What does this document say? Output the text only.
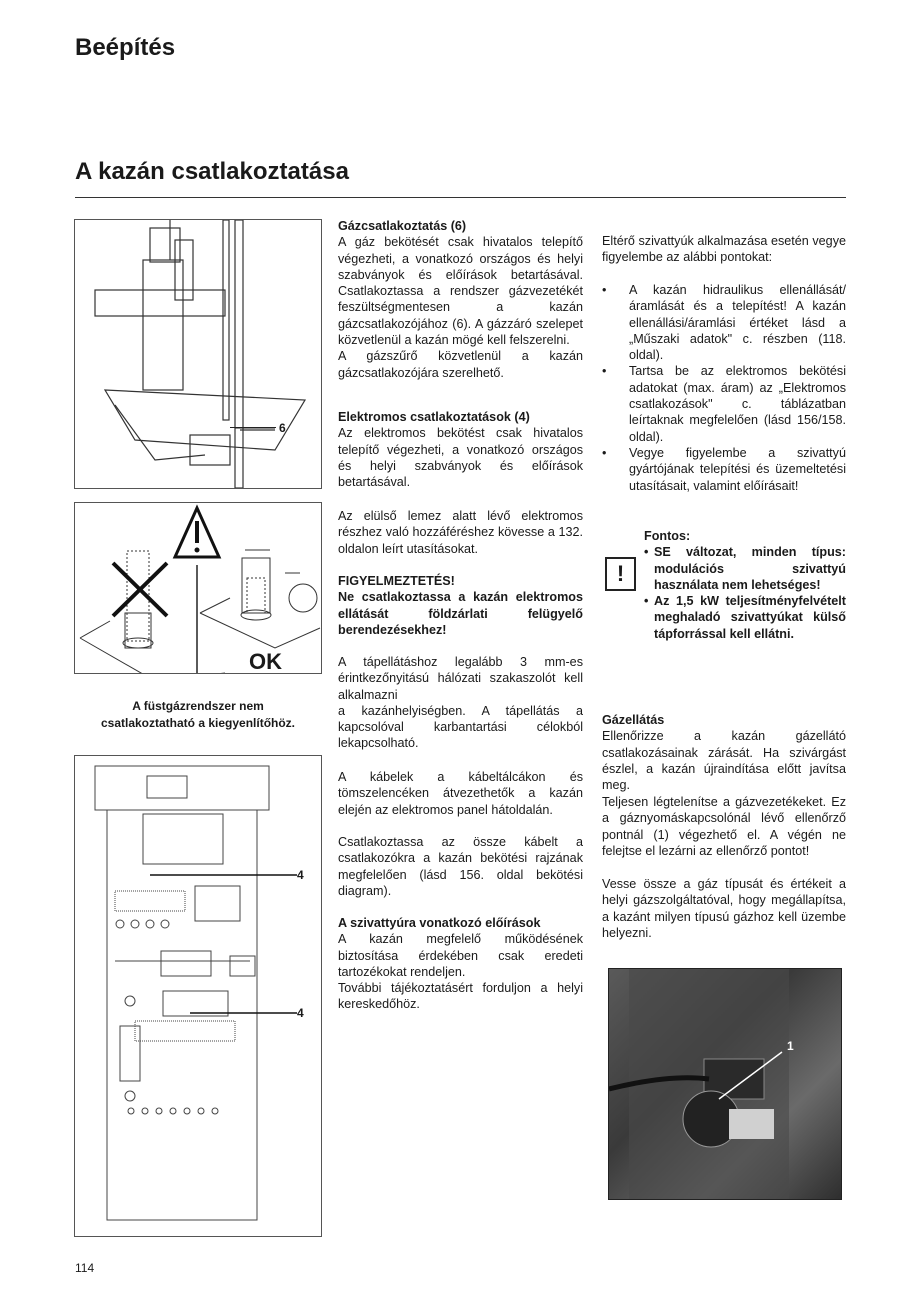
Beépítés
A kazán csatlakoztatása
6
OK
A füstgázrendszer nem
csatlakoztatható a kiegyenlítőhöz.
4
4

Gázcsatlakoztatás (6)

A gáz bekötését csak hivatalos telepítő végezheti, a vonatkozó országos és helyi szabványok és előírások betartásával. Csatlakoztassa a rendszer gázvezetékét feszültségmentesen a kazán gázcsatlakozójához (6). A gázzáró szelepet közvetlenül a kazán mögé kell felszerelni.

A gázszűrő közvetlenül a kazán gázcsatlakozójára szerelhető.

Elektromos csatlakoztatások (4)

Az elektromos bekötést csak hivatalos telepítő végezheti, a vonatkozó országos és helyi szabványok és előírások betartásával.

Az elülső lemez alatt lévő elektromos részhez való hozzáféréshez kövesse a 132. oldalon leírt utasításokat.

FIGYELMEZTETÉS!

Ne csatlakoztassa a kazán elektromos ellátását földzárlati felügyelő berendezésekhez!

A tápellátáshoz legalább 3 mm-es érintkezőnyitású hálózati szakaszolót kell alkalmazni

a kazánhelyiségben. A tápellátás a kapcsolóval karbantartási célokból lekapcsolható.

A kábelek a kábeltálcákon és tömszelencéken átvezethetők a kazán elején az elektromos panel hátoldalán.
Csatlakoztassa az össze kábelt a csatlakozókra a kazán bekötési rajzának megfelelően (lásd 156. oldal bekötési diagram).

A szivattyúra vonatkozó előírások

A kazán megfelelő működésének biztosítása érdekében csak eredeti tartozékokat rendeljen.

További tájékoztatásért forduljon a helyi kereskedőhöz.

Eltérő szivattyúk alkalmazása esetén vegye figyelembe az alábbi pontokat:
• A kazán hidraulikus ellenállását/áramlását és a telepítést! A kazán ellenállási/áramlási értéket lásd a „Műszaki adatok" c. részben (118. oldal).
• Tartsa be az elektromos bekötési adatokat (max. áram) az „Elektromos csatlakozások" c. táblázatban leírtaknak megfelelően (lásd 156/158. oldal).
• Vegye figyelembe a szivattyú gyártójának telepítési és üzemeltetési utasításait, valamint előírásait!
!
Fontos:
• SE változat, minden típus: modulációs szivattyú használata nem lehetséges!
• Az 1,5 kW teljesítményfelvételt meghaladó szivattyúkat külső tápforrással kell ellátni.

Gázellátás

Ellenőrizze a kazán gázellátó csatlakozásainak zárását. Ha szivárgást észlel, a kazán újraindítása előtt javítsa meg.

Teljesen légtelenítse a gázvezetékeket. Ez a gáznyomáskapcsolónál lévő ellenőrző pontnál (1) végezhető el. A végén ne felejtse el lezárni az ellenőrző pontot!
Vesse össze a gáz típusát és értékeit a helyi gázszolgáltatóval, hogy megállapítsa, a kazánt milyen típusú gázhoz kell üzembe helyezni.
1
114
